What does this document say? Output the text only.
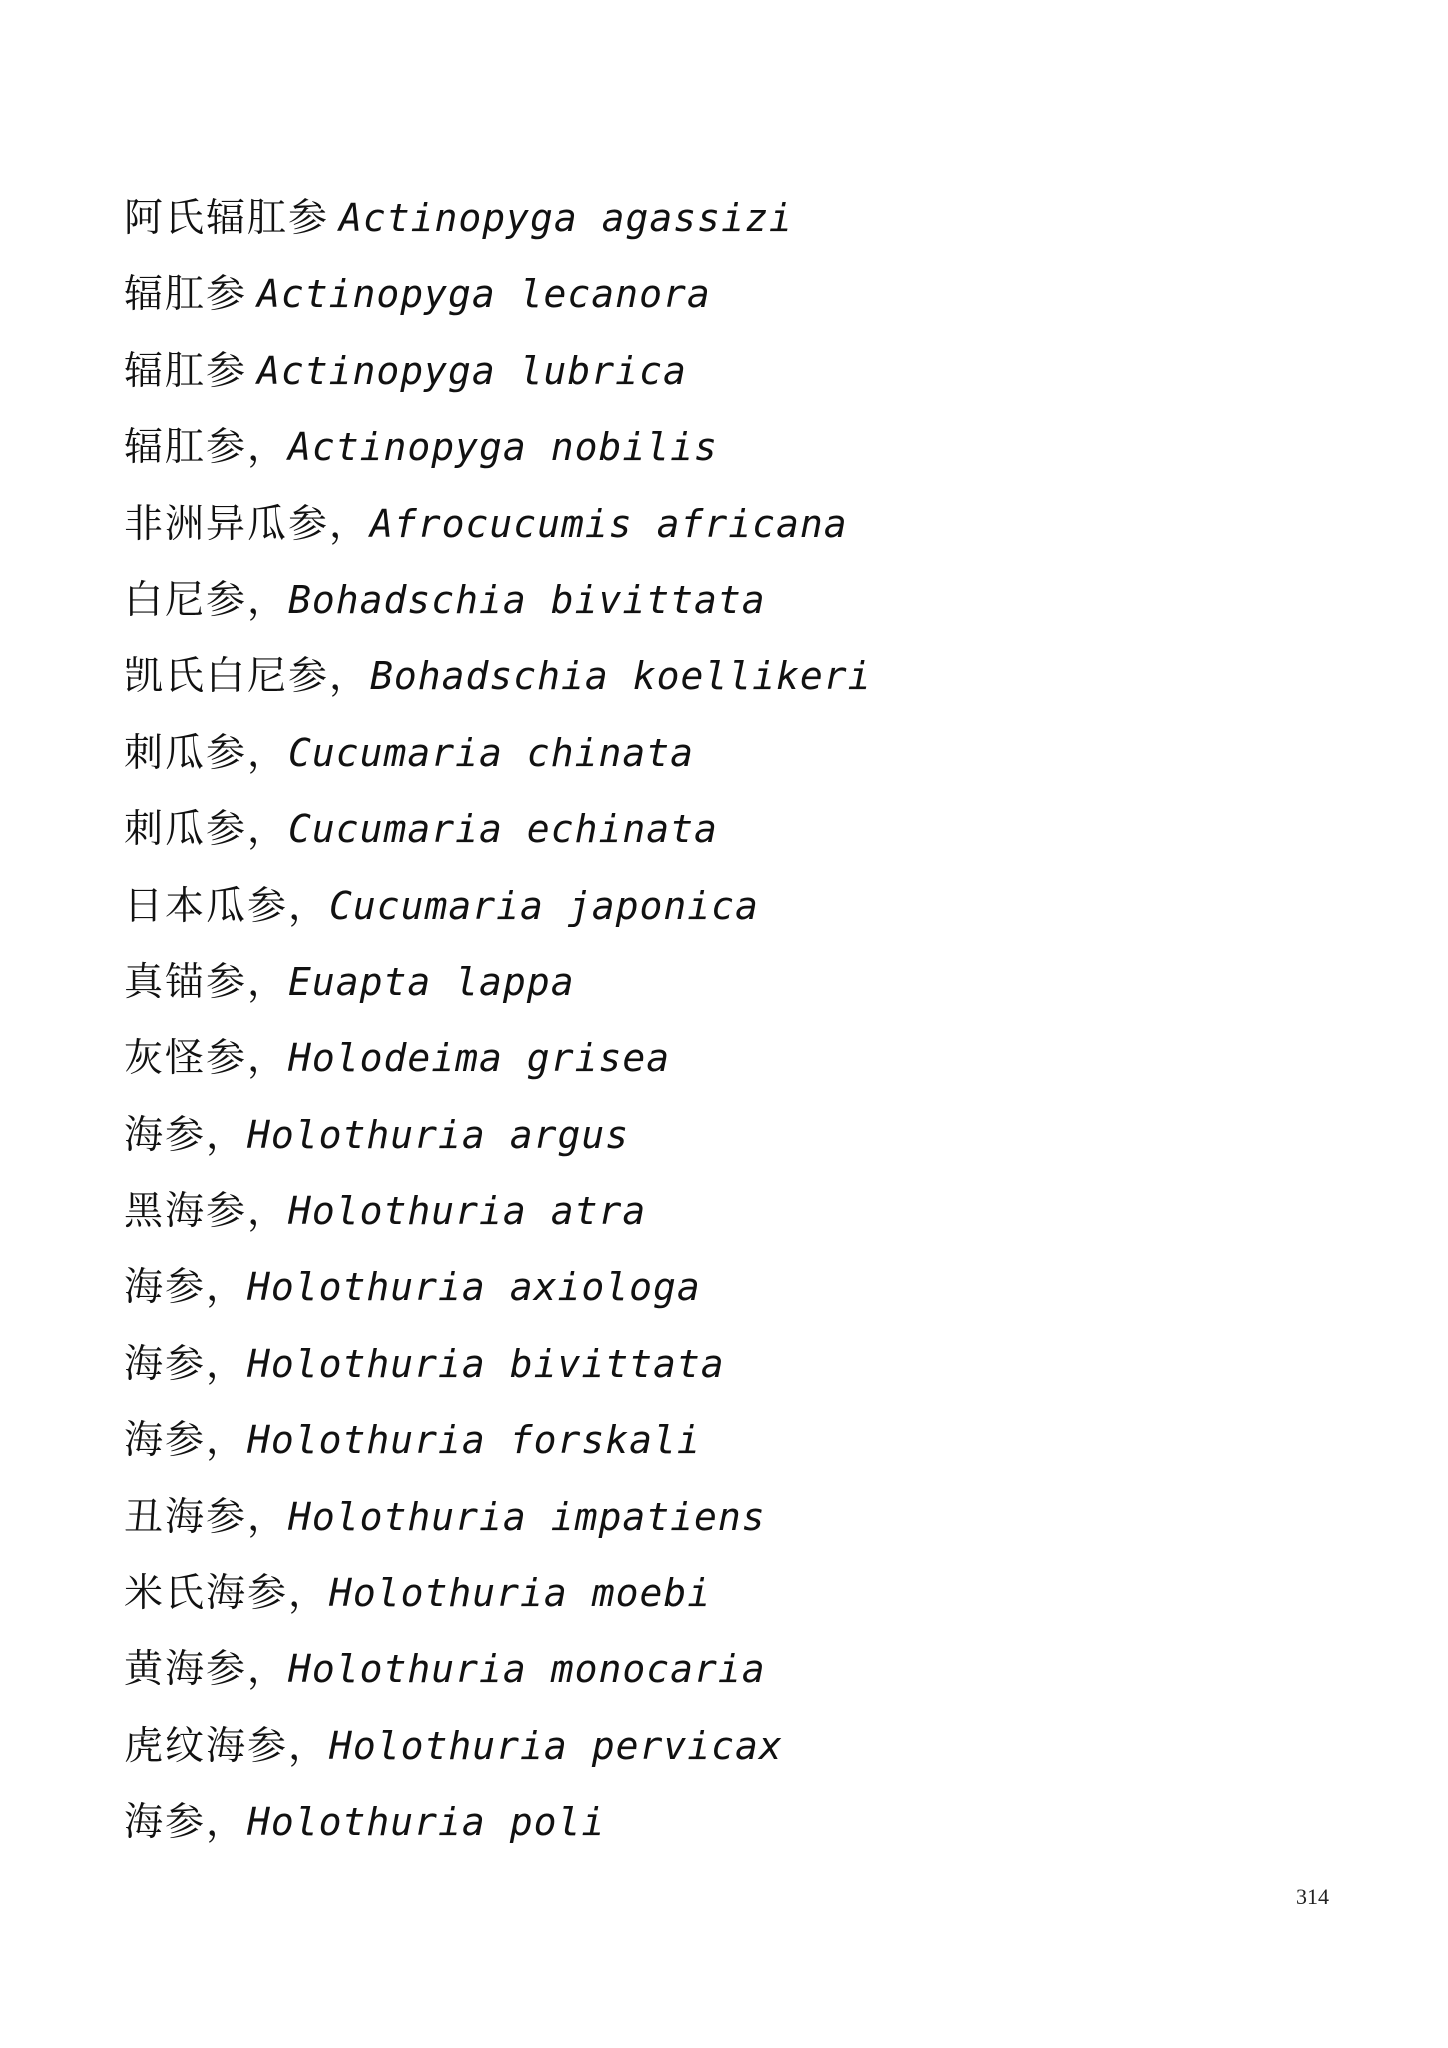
阿氏辐肛参 Actinopyga agassizi
辐肛参 Actinopyga lecanora
辐肛参 Actinopyga lubrica
辐肛参，Actinopyga nobilis
非洲异瓜参，Afrocucumis africana
白尼参，Bohadschia bivittata
凯氏白尼参，Bohadschia koellikeri
刺瓜参，Cucumaria chinata
刺瓜参，Cucumaria echinata
日本瓜参，Cucumaria japonica
真锚参，Euapta lappa
灰怪参，Holodeima grisea
海参，Holothuria argus
黑海参，Holothuria atra
海参，Holothuria axiologa
海参，Holothuria bivittata
海参，Holothuria forskali
丑海参，Holothuria impatiens
米氏海参，Holothuria moebi
黄海参，Holothuria monocaria
虎纹海参，Holothuria pervicax
海参，Holothuria poli
314
